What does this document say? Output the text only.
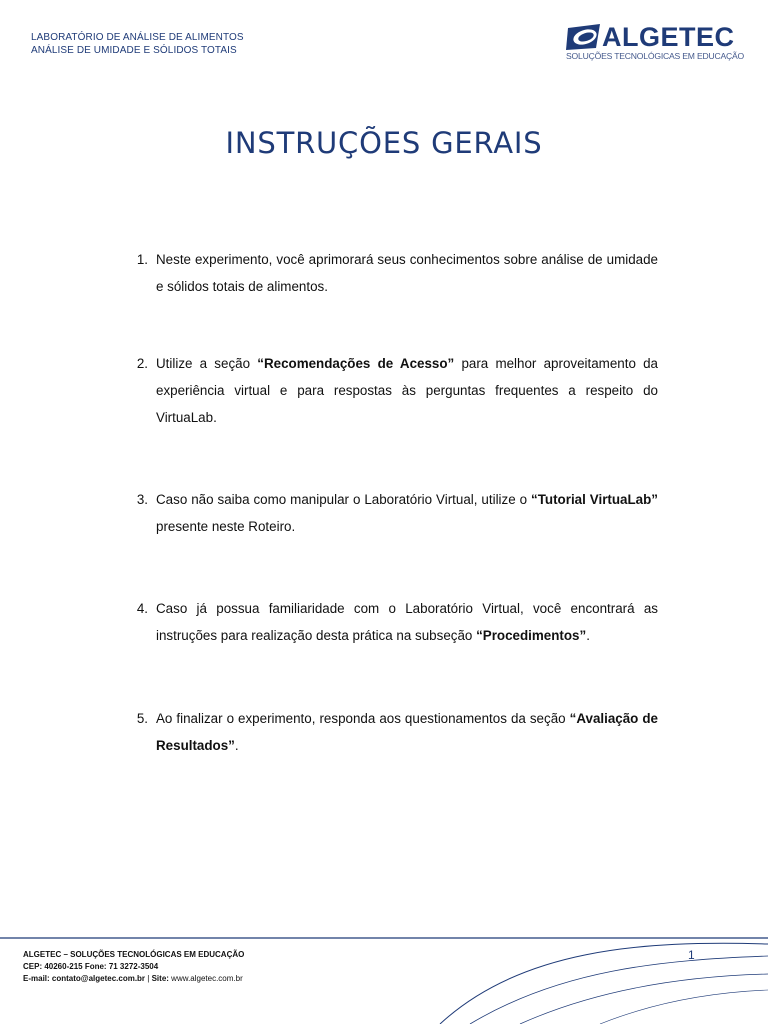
LABORATÓRIO DE ANÁLISE DE ALIMENTOS
ANÁLISE DE UMIDADE E SÓLIDOS TOTAIS	ALGETEC
SOLUÇÕES TECNOLÓGICAS EM EDUCAÇÃO
INSTRUÇÕES GERAIS
1. Neste experimento, você aprimorará seus conhecimentos sobre análise de umidade e sólidos totais de alimentos.
2. Utilize a seção “Recomendações de Acesso” para melhor aproveitamento da experiência virtual e para respostas às perguntas frequentes a respeito do VirtuaLab.
3. Caso não saiba como manipular o Laboratório Virtual, utilize o “Tutorial VirtuaLab” presente neste Roteiro.
4. Caso já possua familiaridade com o Laboratório Virtual, você encontrará as instruções para realização desta prática na subseção “Procedimentos”.
5. Ao finalizar o experimento, responda aos questionamentos da seção “Avaliação de Resultados”.
ALGETEC – SOLUÇÕES TECNOLÓGICAS EM EDUCAÇÃO
CEP: 40260-215 Fone: 71 3272-3504
E-mail: contato@algetec.com.br | Site: www.algetec.com.br
1
